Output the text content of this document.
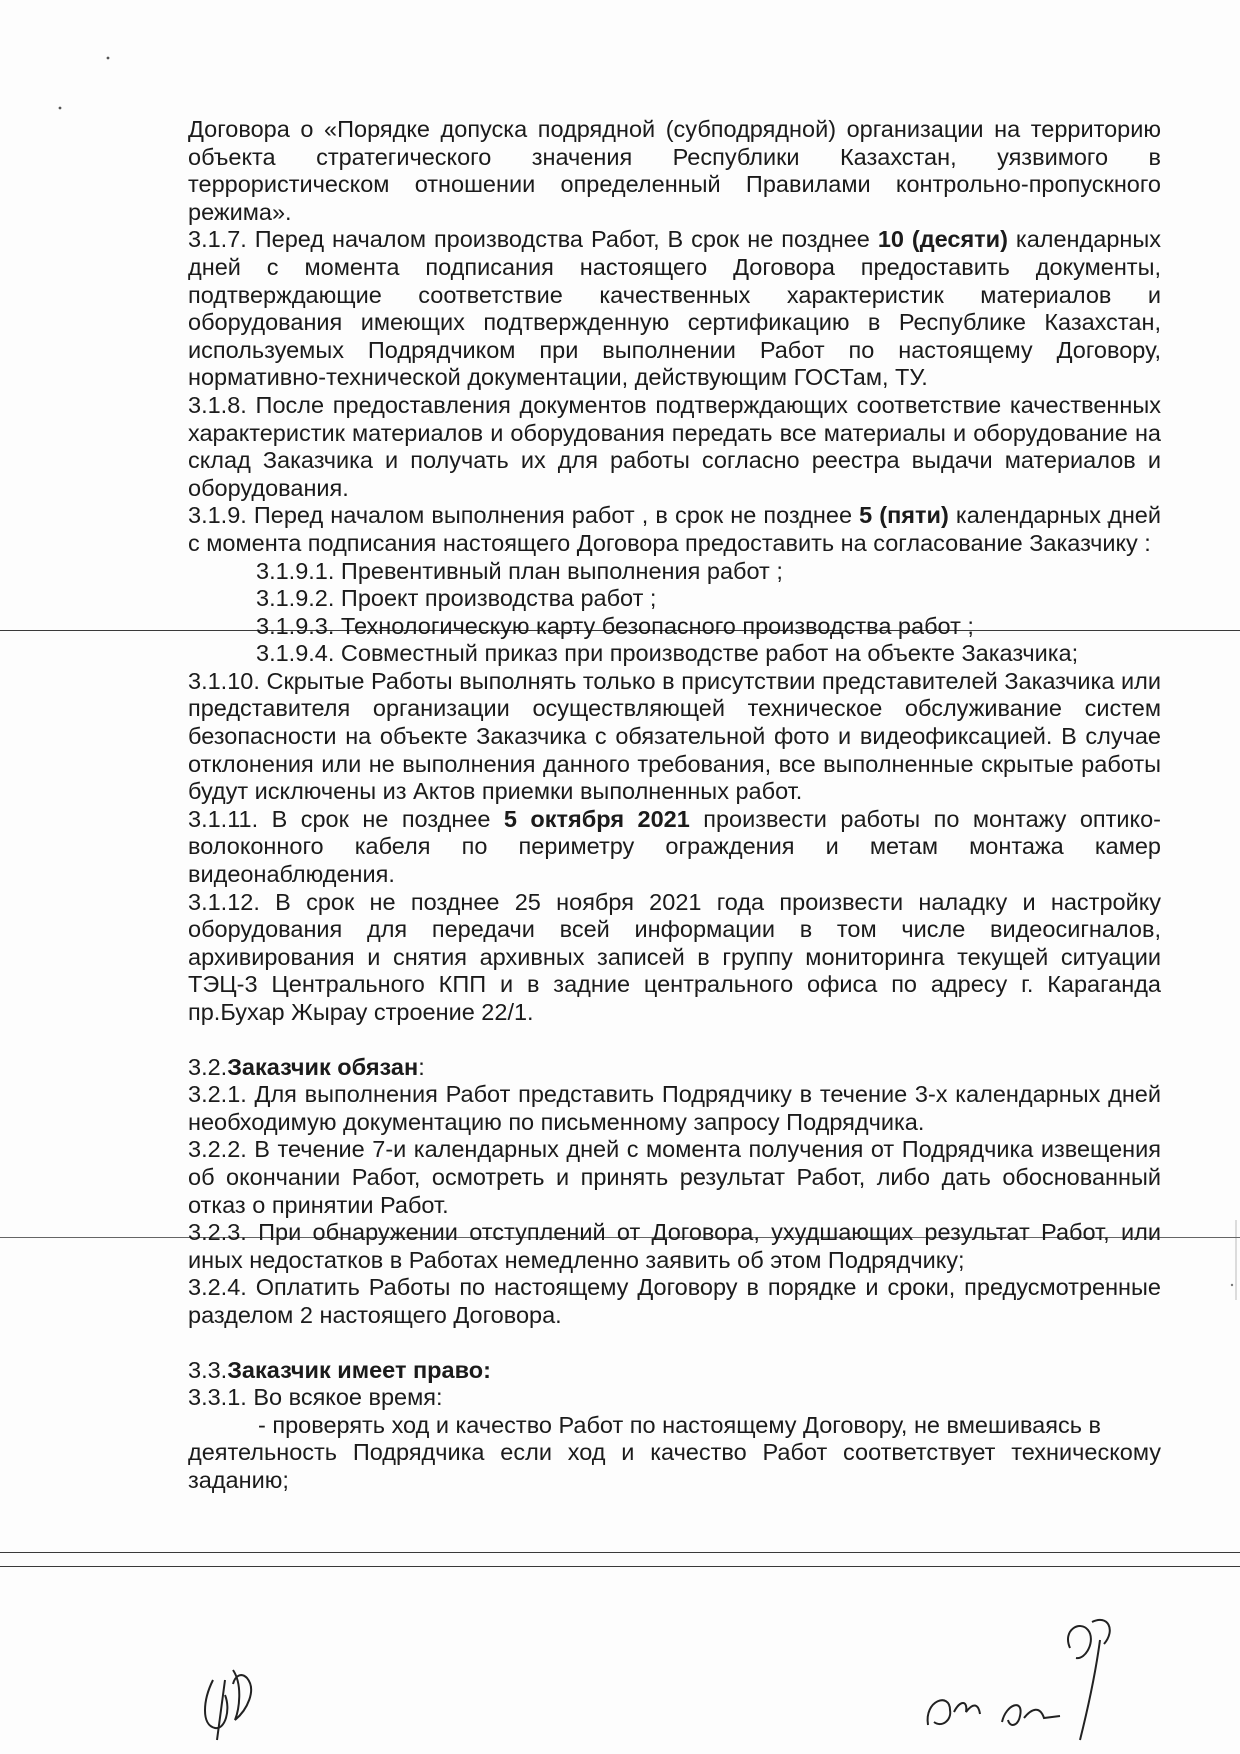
Договора о «Порядке допуска подрядной (субподрядной) организации на территорию объекта стратегического значения Республики Казахстан, уязвимого в террористическом отношении определенный Правилами контрольно-пропускного режима».

3.1.7. Перед началом производства Работ, В срок не позднее 10 (десяти) календарных дней с момента подписания настоящего Договора предоставить документы, подтверждающие соответствие качественных характеристик материалов и оборудования имеющих подтвержденную сертификацию в Республике Казахстан, используемых Подрядчиком при выполнении Работ по настоящему Договору, нормативно-технической документации, действующим ГОСТам, ТУ.

3.1.8. После предоставления документов подтверждающих соответствие качественных характеристик материалов и оборудования передать все материалы и оборудование на склад Заказчика и получать их для работы согласно реестра выдачи материалов и оборудования.

3.1.9. Перед началом выполнения работ , в срок не позднее 5 (пяти) календарных дней с момента подписания настоящего Договора предоставить на согласование Заказчику :

3.1.9.1. Превентивный план выполнения работ ;

3.1.9.2. Проект производства работ ;

3.1.9.3. Технологическую карту безопасного производства работ ;

3.1.9.4. Совместный приказ при производстве работ на объекте Заказчика;

3.1.10. Скрытые Работы выполнять только в присутствии представителей Заказчика или представителя организации осуществляющей техническое обслуживание систем безопасности на объекте Заказчика с обязательной фото и видеофиксацией. В случае отклонения или не выполнения данного требования, все выполненные скрытые работы будут исключены из Актов приемки выполненных работ.

3.1.11. В срок не позднее 5 октября 2021 произвести работы по монтажу оптико-волоконного кабеля по периметру ограждения и метам монтажа камер видеонаблюдения.

3.1.12. В срок не позднее 25 ноября 2021 года произвести наладку и настройку оборудования для передачи всей информации в том числе видеосигналов, архивирования и снятия архивных записей в группу мониторинга текущей ситуации ТЭЦ-3 Центрального КПП и в задние центрального офиса по адресу г. Караганда пр.Бухар Жырау строение 22/1.

3.2.Заказчик обязан:

3.2.1. Для выполнения Работ представить Подрядчику в течение 3-х календарных дней необходимую документацию по письменному запросу Подрядчика.

3.2.2. В течение 7-и календарных дней с момента получения от Подрядчика извещения об окончании Работ, осмотреть и принять результат Работ, либо дать обоснованный отказ о принятии Работ.

3.2.3. При обнаружении отступлений от Договора, ухудшающих результат Работ, или иных недостатков в Работах немедленно заявить об этом Подрядчику;

3.2.4. Оплатить Работы по настоящему Договору в порядке и сроки, предусмотренные разделом 2 настоящего Договора.

3.3.Заказчик имеет право:

3.3.1. Во всякое время:

- проверять ход и качество Работ по настоящему Договору, не вмешиваясь в

деятельность Подрядчика если ход и качество Работ соответствует техническому заданию;
